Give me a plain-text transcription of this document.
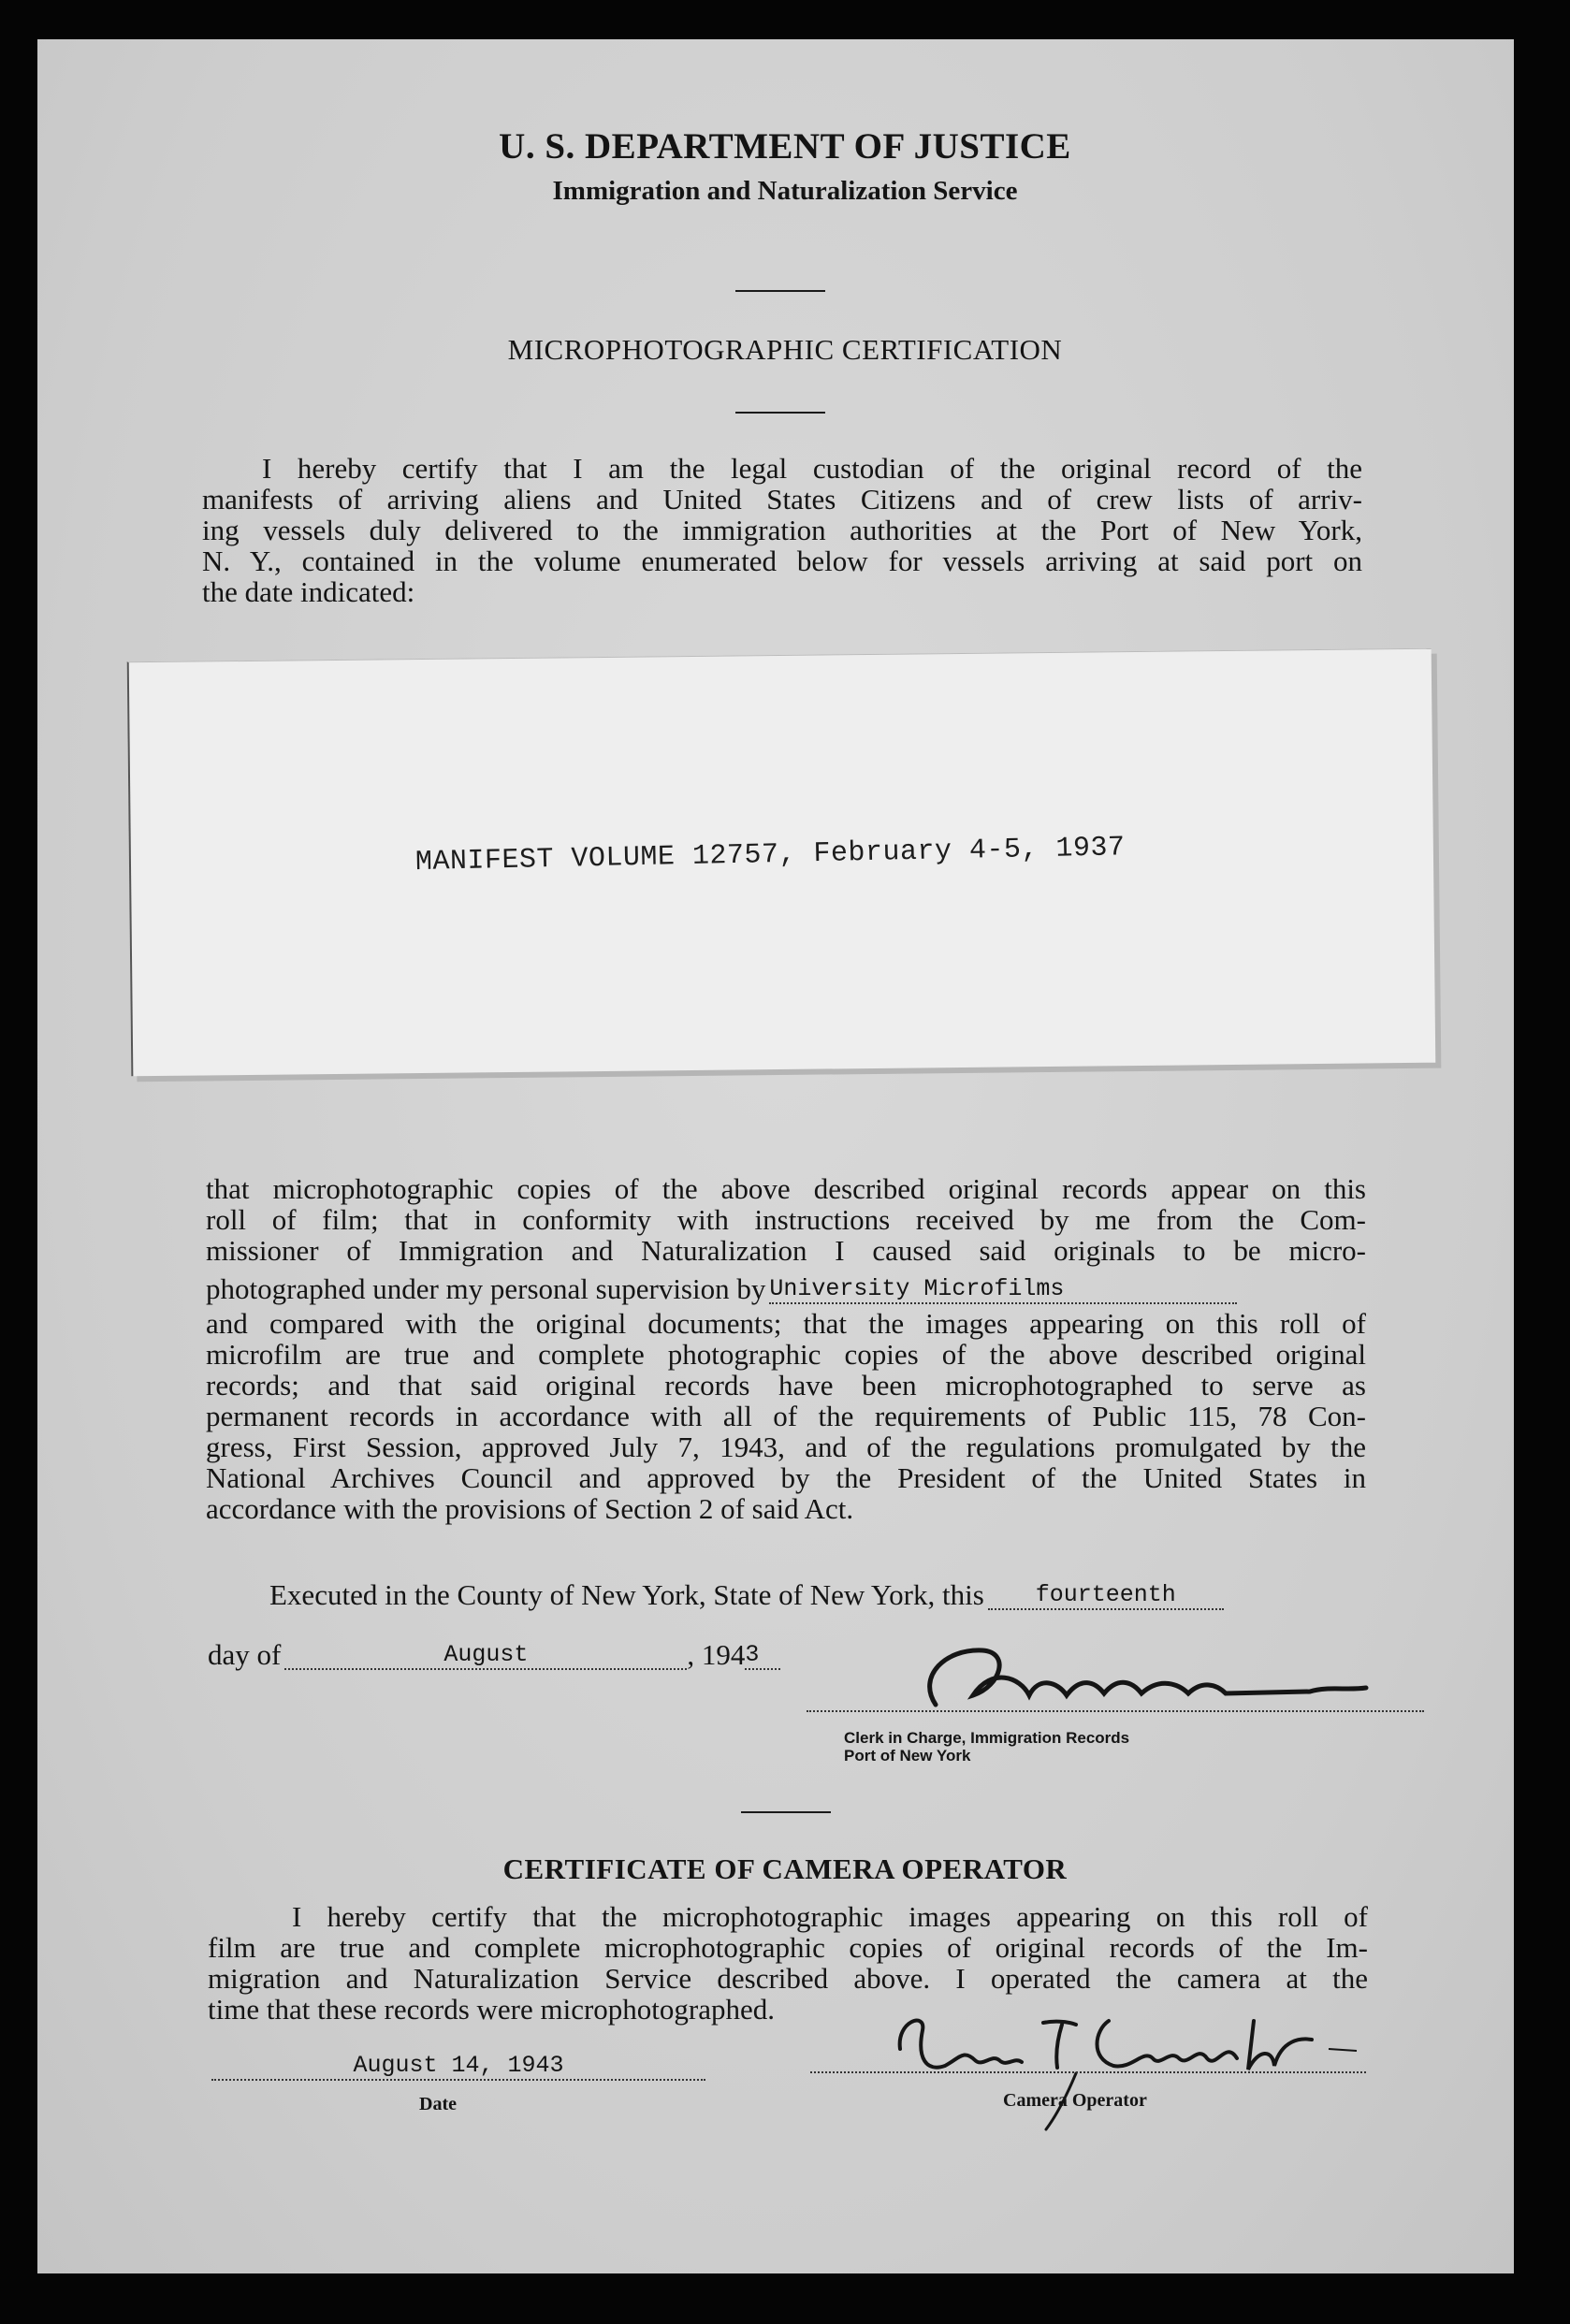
U. S. DEPARTMENT OF JUSTICE
Immigration and Naturalization Service
MICROPHOTOGRAPHIC CERTIFICATION
I hereby certify that I am the legal custodian of the original record of the
manifests of arriving aliens and United States Citizens and of crew lists of arriv-
ing vessels duly delivered to the immigration authorities at the Port of New York,
N. Y., contained in the volume enumerated below for vessels arriving at said port on
the date indicated:
MANIFEST VOLUME 12757, February 4-5, 1937
that microphotographic copies of the above described original records appear on this
roll of film; that in conformity with instructions received by me from the Com-
missioner of Immigration and Naturalization I caused said originals to be micro-
photographed under my personal supervision by University Microfilms
and compared with the original documents; that the images appearing on this roll of
microfilm are true and complete photographic copies of the above described original
records; and that said original records have been microphotographed to serve as
permanent records in accordance with all of the requirements of Public 115, 78 Con-
gress, First Session, approved July 7, 1943, and of the regulations promulgated by the
National Archives Council and approved by the President of the United States in
accordance with the provisions of Section 2 of said Act.
Executed in the County of New York, State of New York, this fourteenth
day of	August	, 1943
Clerk in Charge, Immigration Records
Port of New York
CERTIFICATE OF CAMERA OPERATOR
I hereby certify that the microphotographic images appearing on this roll of
film are true and complete microphotographic copies of original records of the Im-
migration and Naturalization Service described above. I operated the camera at the
time that these records were microphotographed.
August 14, 1943
Date	Camera Operator
